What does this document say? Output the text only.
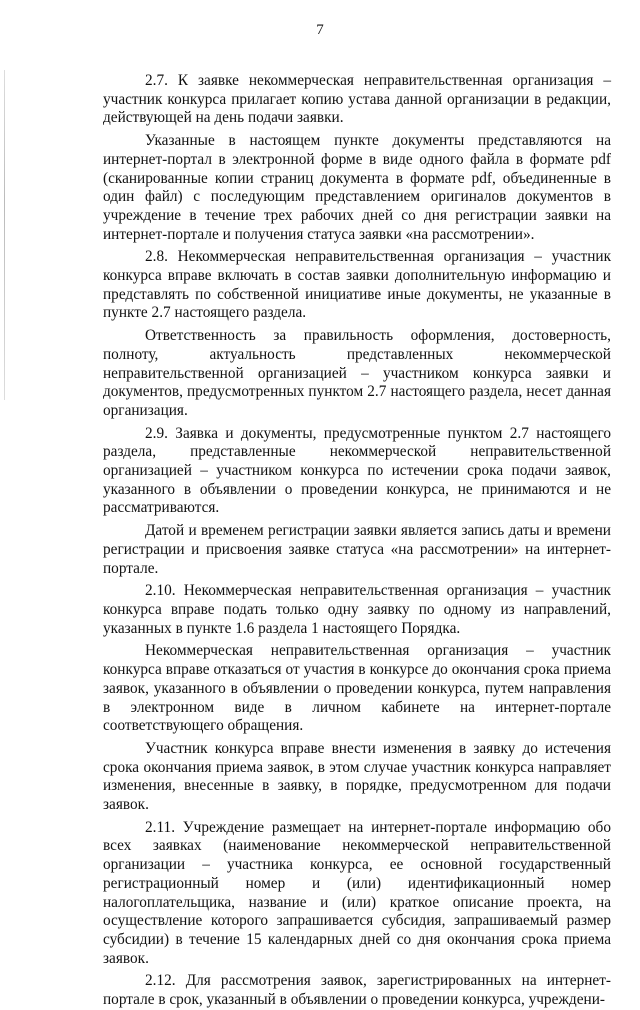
7

2.7. К заявке некоммерческая неправительственная организация – участник конкурса прилагает копию устава данной организации в редакции, действующей на день подачи заявки.

Указанные в настоящем пункте документы представляются на интернет-портал в электронной форме в виде одного файла в формате pdf (сканированные копии страниц документа в формате pdf, объединенные в один файл) с последующим представлением оригиналов документов в учреждение в течение трех рабочих дней со дня регистрации заявки на интернет-портале и получения статуса заявки «на рассмотрении».

2.8. Некоммерческая неправительственная организация – участник конкурса вправе включать в состав заявки дополнительную информацию и представлять по собственной инициативе иные документы, не указанные в пункте 2.7 настоящего раздела.

Ответственность за правильность оформления, достоверность, полноту, актуальность представленных некоммерческой неправительственной организацией – участником конкурса заявки и документов, предусмотренных пунктом 2.7 настоящего раздела, несет данная организация.

2.9. Заявка и документы, предусмотренные пунктом 2.7 настоящего раздела, представленные некоммерческой неправительственной организацией – участником конкурса по истечении срока подачи заявок, указанного в объявлении о проведении конкурса, не принимаются и не рассматриваются.

Датой и временем регистрации заявки является запись даты и времени регистрации и присвоения заявке статуса «на рассмотрении» на интернет-портале.

2.10. Некоммерческая неправительственная организация – участник конкурса вправе подать только одну заявку по одному из направлений, указанных в пункте 1.6 раздела 1 настоящего Порядка.

Некоммерческая неправительственная организация – участник конкурса вправе отказаться от участия в конкурсе до окончания срока приема заявок, указанного в объявлении о проведении конкурса, путем направления в электронном виде в личном кабинете на интернет-портале соответствующего обращения.

Участник конкурса вправе внести изменения в заявку до истечения срока окончания приема заявок, в этом случае участник конкурса направляет изменения, внесенные в заявку, в порядке, предусмотренном для подачи заявок.

2.11. Учреждение размещает на интернет-портале информацию обо всех заявках (наименование некоммерческой неправительственной организации – участника конкурса, ее основной государственный регистрационный номер и (или) идентификационный номер налогоплательщика, название и (или) краткое описание проекта, на осуществление которого запрашивается субсидия, запрашиваемый размер субсидии) в течение 15 календарных дней со дня окончания срока приема заявок.

2.12. Для рассмотрения заявок, зарегистрированных на интернет-портале в срок, указанный в объявлении о проведении конкурса, учреждени-
